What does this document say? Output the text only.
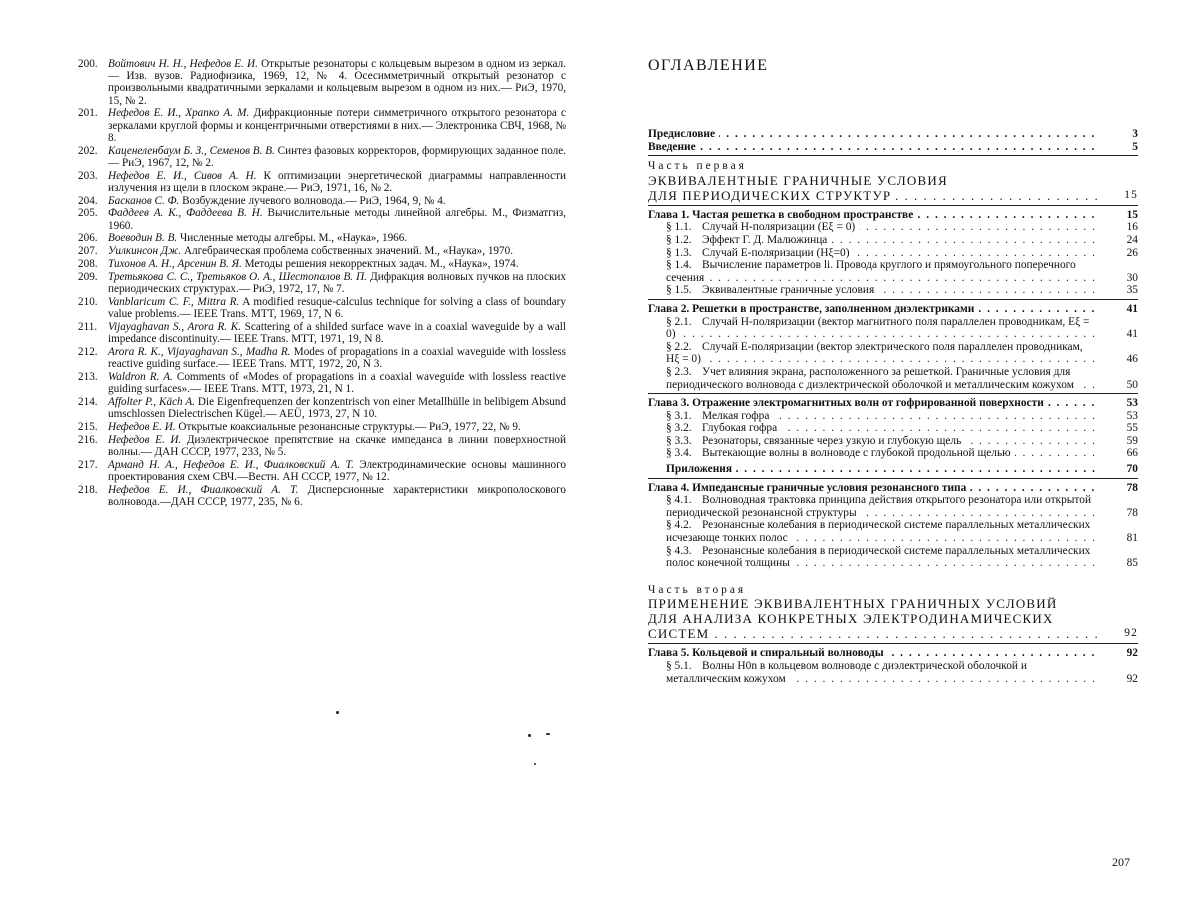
200. Войтович Н. Н., Нефедов Е. И. Открытые резонаторы с кольцевым вырезом в одном из зеркал.— Изв. вузов. Радиофизика, 1969, 12, № 4. Осесимметричный открытый резонатор с произвольными квадратичными зеркалами и кольцевым вырезом в одном из них.— РиЭ, 1970, 15, № 2.
201. Нефедов Е. И., Храпко А. М. Дифракционные потери симметричного открытого резонатора с зеркалами круглой формы и концентричными отверстиями в них.— Электроника СВЧ, 1968, № 8.
202. Каценеленбаум Б. З., Семенов В. В. Синтез фазовых корректоров, формирующих заданное поле.— РиЭ, 1967, 12, № 2.
203. Нефедов Е. И., Сивов А. Н. К оптимизации энергетической диаграммы направленности излучения из щели в плоском экране.— РиЭ, 1971, 16, № 2.
204. Басканов С. Ф. Возбуждение лучевого волновода.— РиЭ, 1964, 9, № 4.
205. Фаддеев А. К., Фаддеева В. Н. Вычислительные методы линейной алгебры. М., Физматгиз, 1960.
206. Воеводин В. В. Численные методы алгебры. М., «Наука», 1966.
207. Уилкинсон Дж. Алгебраическая проблема собственных значений. М., «Наука», 1970.
208. Тихонов А. Н., Арсенин В. Я. Методы решения некорректных задач. М., «Наука», 1974.
209. Третьякова С. С., Третьяков О. А., Шестопалов В. П. Дифракция волновых пучков на плоских периодических структурах.— РиЭ, 1972, 17, № 7.
210. Vanblaricum C. F., Mittra R. A modified resuque-calculus technique for solving a class of boundary value problems.— IEEE Trans. MTT, 1969, 17, N 6.
211. Vijayaghavan S., Arora R. K. Scattering of a shilded surface wave in a coaxial waveguide by a wall impedance discontinuity.— IEEE Trans. MTT, 1971, 19, N 8.
212. Arora R. K., Vijayaghavan S., Madha R. Modes of propagations in a coaxial waveguide with lossless reactive guiding surface.— IEEE Trans. MTT, 1972, 20, N 3.
213. Waldron R. A. Comments of «Modes of propagations in a coaxial waveguide with lossless reactive guiding surfaces».— IEEE Trans. MTT, 1973, 21, N 1.
214. Affolter P., Käch A. Die Eigenfrequenzen der konzentrisch von einer Metallhülle in belibigem Absund umschlossen Dielectrischen Kügel.— AEÜ, 1973, 27, N 10.
215. Нефедов Е. И. Открытые коаксиальные резонансные структуры.— РиЭ, 1977, 22, № 9.
216. Нефедов Е. И. Диэлектрическое препятствие на скачке импеданса в линии поверхностной волны.— ДАН СССР, 1977, 233, № 5.
217. Арманд Н. А., Нефедов Е. И., Фиалковский А. Т. Электродинамические основы машинного проектирования схем СВЧ.—Вестн. АН СССР, 1977, № 12.
218. Нефедов Е. И., Фиалковский А. Т. Дисперсионные характеристики микрополоскового волновода.—ДАН СССР, 1977, 235, № 6.
ОГЛАВЛЕНИЕ
Предисловие . . .	3
Введение . . .	5
Часть первая
ЭКВИВАЛЕНТНЫЕ ГРАНИЧНЫЕ УСЛОВИЯ
ДЛЯ ПЕРИОДИЧЕСКИХ СТРУКТУР . . .	15
Глава 1. Частая решетка в свободном пространстве . . .	15
§ 1.1. Случай H-поляризации (Eξ = 0) . . .	16
§ 1.2. Эффект Г. Д. Малюжинца . . .	24
§ 1.3. Случай E-поляризации (Hξ=0) . . .	26
§ 1.4. Вычисление параметров li. Провода круглого и прямоугольного поперечного сечения . . .	30
§ 1.5. Эквивалентные граничные условия . . .	35
Глава 2. Решетки в пространстве, заполненном диэлектриками . . .	41
§ 2.1. Случай H-поляризации (вектор магнитного поля параллелен проводникам, Eξ = 0) . . .	41
§ 2.2. Случай E-поляризации (вектор электрического поля параллелен проводникам, Hξ = 0) . . .	46
§ 2.3. Учет влияния экрана, расположенного за решеткой. Граничные условия для периодического волновода с диэлектрической оболочкой и металлическим кожухом . . .	50
Глава 3. Отражение электромагнитных волн от гофрированной поверхности . . .	53
§ 3.1. Мелкая гофра . . .	53
§ 3.2. Глубокая гофра . . .	55
§ 3.3. Резонаторы, связанные через узкую и глубокую щель . . .	59
§ 3.4. Вытекающие волны в волноводе с глубокой продольной щелью . . .	66
Приложения . . .	70
Глава 4. Импедансные граничные условия резонансного типа . . .	78
§ 4.1. Волноводная трактовка принципа действия открытого резонатора или открытой периодической резонансной структуры . . .	78
§ 4.2. Резонансные колебания в периодической системе параллельных металлических исчезающе тонких полос . . .	81
§ 4.3. Резонансные колебания в периодической системе параллельных металлических полос конечной толщины . . .	85
Часть вторая
ПРИМЕНЕНИЕ ЭКВИВАЛЕНТНЫХ ГРАНИЧНЫХ УСЛОВИЙ
ДЛЯ АНАЛИЗА КОНКРЕТНЫХ ЭЛЕКТРОДИНАМИЧЕСКИХ
СИСТЕМ . . .	92
Глава 5. Кольцевой и спиральный волноводы . . .	92
§ 5.1. Волны H0n в кольцевом волноводе с диэлектрической оболочкой и металлическим кожухом . . .	92
207
